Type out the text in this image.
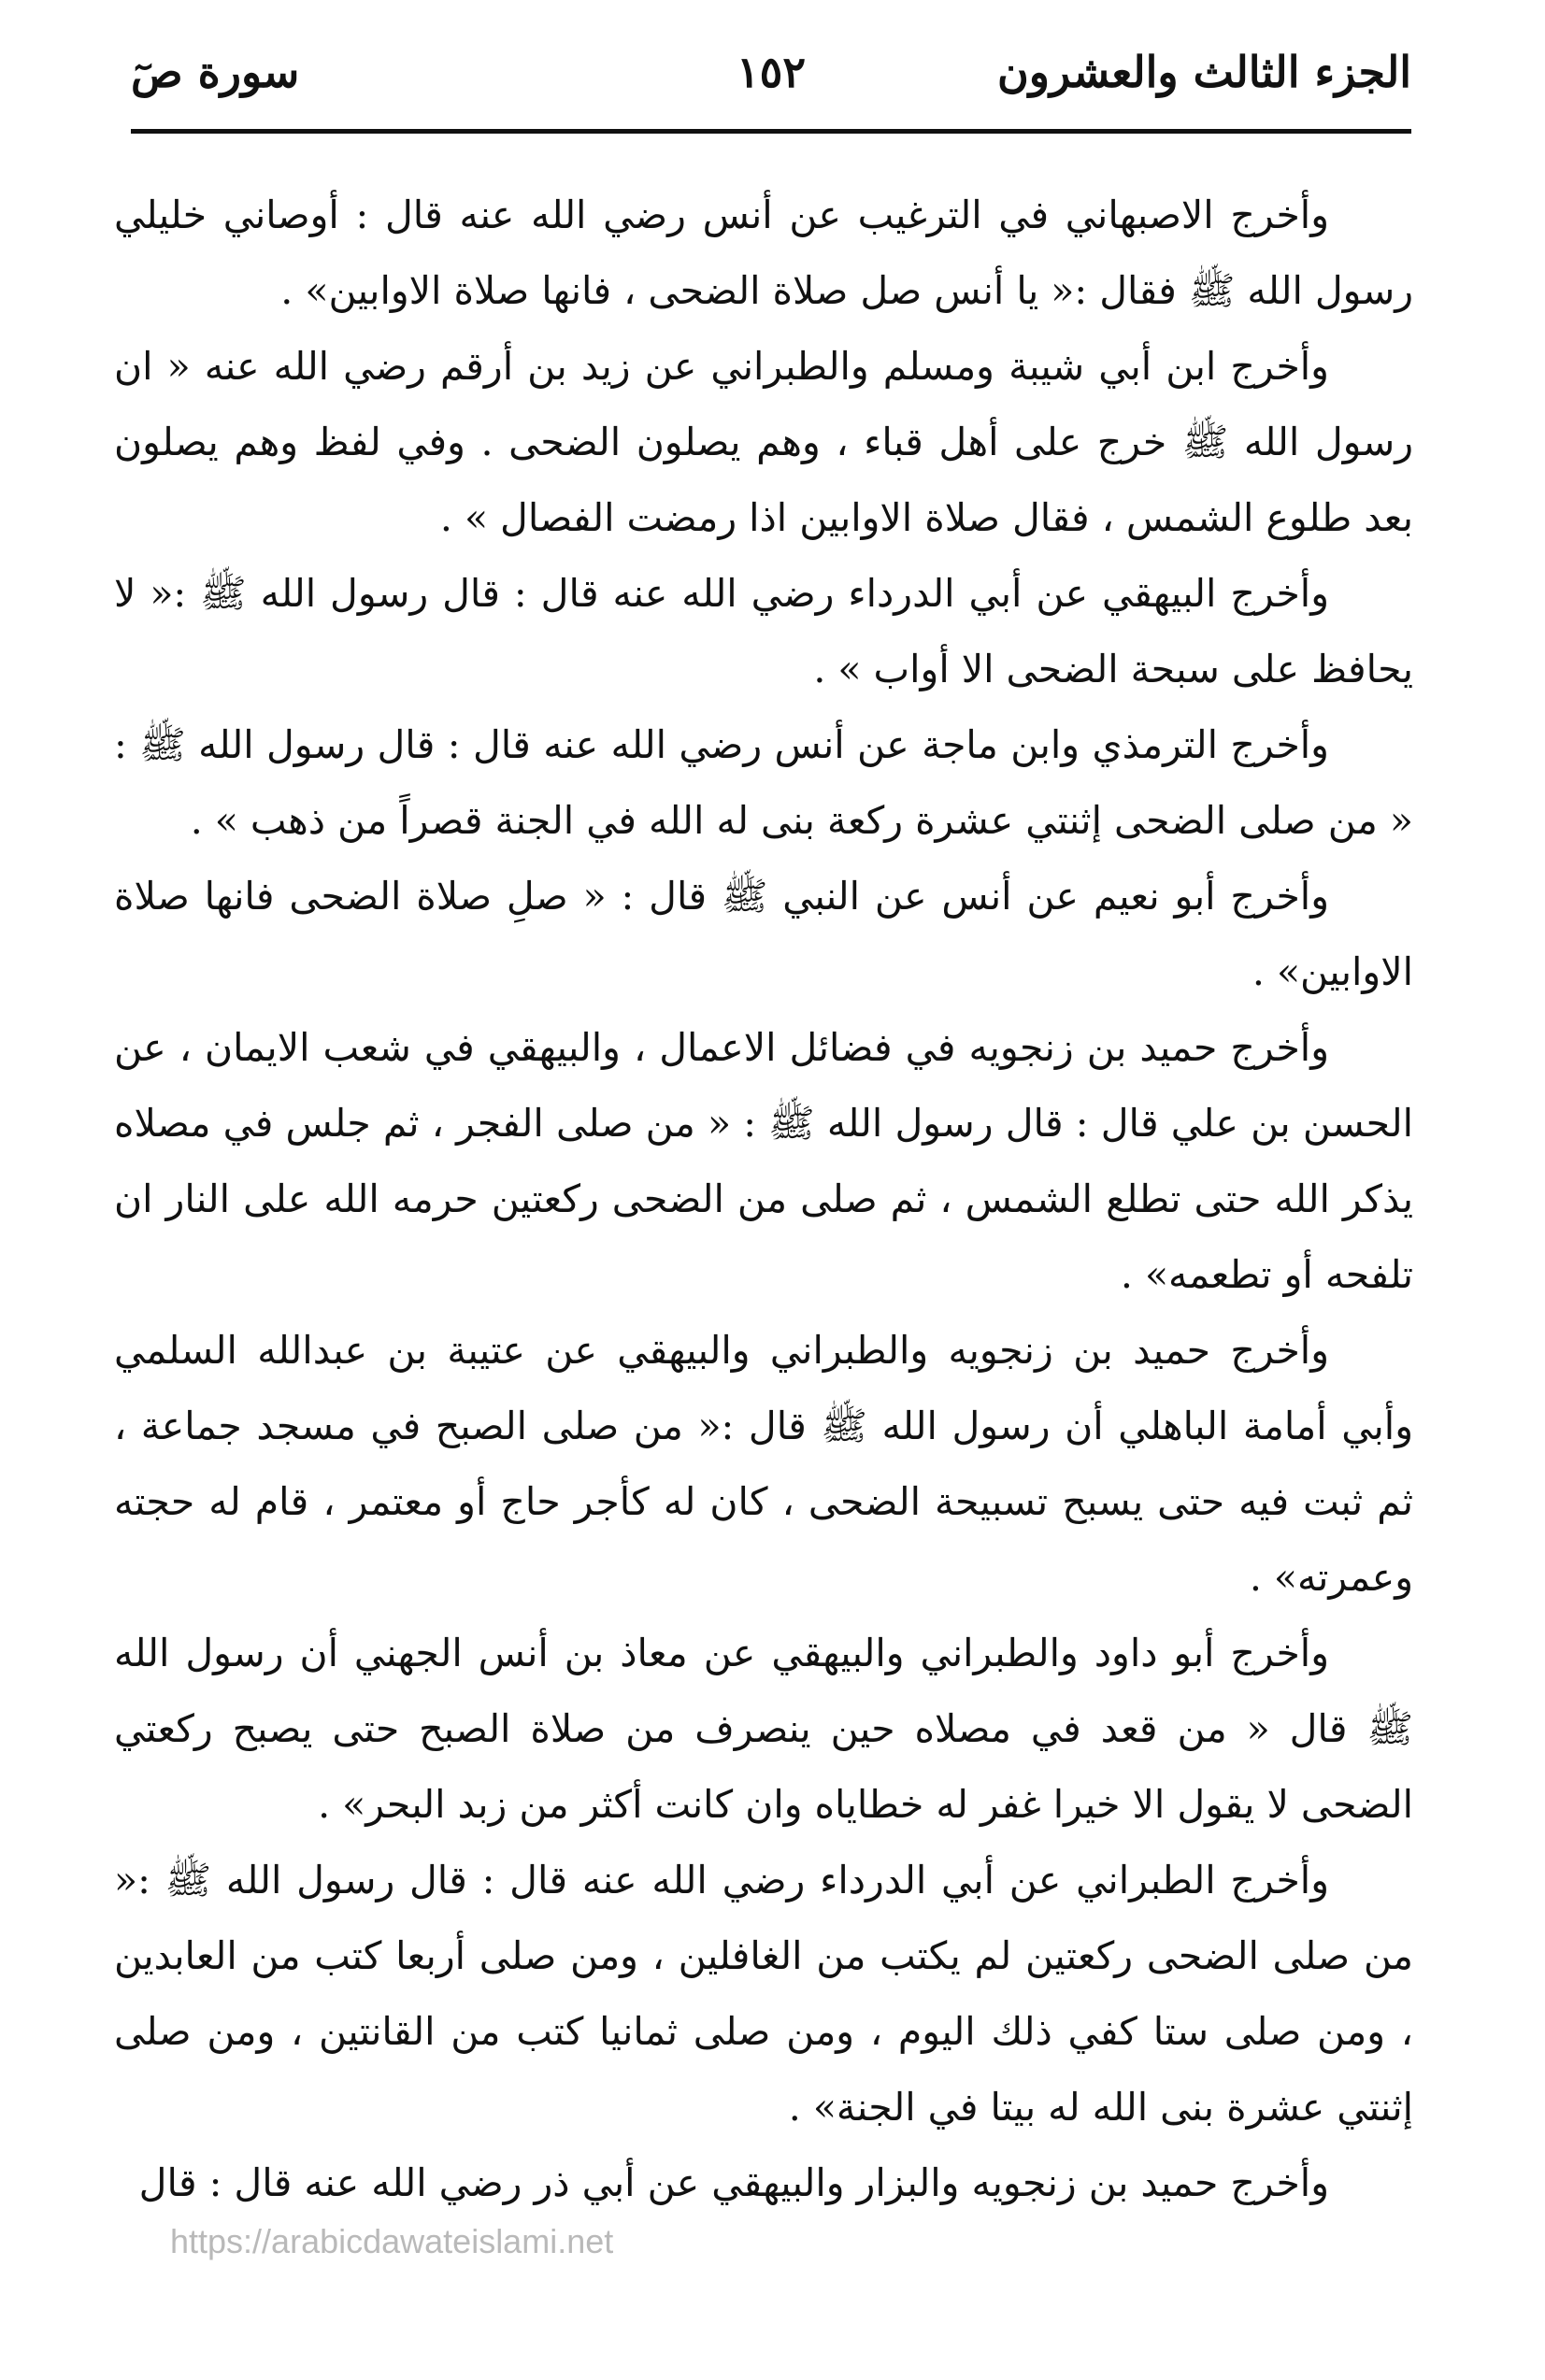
الجزء الثالث والعشرون
١٥٢
سورة صٓ

وأخرج الاصبهاني في الترغيب عن أنس رضي الله عنه قال : أوصاني خليلي رسول الله ﷺ فقال :« يا أنس صل صلاة الضحى ، فانها صلاة الاوابين» .

وأخرج ابن أبي شيبة ومسلم والطبراني عن زيد بن أرقم رضي الله عنه « ان رسول الله ﷺ خرج على أهل قباء ، وهم يصلون الضحى . وفي لفظ وهم يصلون بعد طلوع الشمس ، فقال صلاة الاوابين اذا رمضت الفصال » .

وأخرج البيهقي عن أبي الدرداء رضي الله عنه قال : قال رسول الله ﷺ :« لا يحافظ على سبحة الضحى الا أواب » .

وأخرج الترمذي وابن ماجة عن أنس رضي الله عنه قال : قال رسول الله ﷺ : « من صلى الضحى إثنتي عشرة ركعة بنى له الله في الجنة قصراً من ذهب » .

وأخرج أبو نعيم عن أنس عن النبي ﷺ قال : « صلِ صلاة الضحى فانها صلاة الاوابين» .

وأخرج حميد بن زنجويه في فضائل الاعمال ، والبيهقي في شعب الايمان ، عن الحسن بن علي قال : قال رسول الله ﷺ : « من صلى الفجر ، ثم جلس في مصلاه يذكر الله حتى تطلع الشمس ، ثم صلى من الضحى ركعتين حرمه الله على النار ان تلفحه أو تطعمه» .

وأخرج حميد بن زنجويه والطبراني والبيهقي عن عتيبة بن عبدالله السلمي وأبي أمامة الباهلي أن رسول الله ﷺ قال :« من صلى الصبح في مسجد جماعة ، ثم ثبت فيه حتى يسبح تسبيحة الضحى ، كان له كأجر حاج أو معتمر ، قام له حجته وعمرته» .

وأخرج أبو داود والطبراني والبيهقي عن معاذ بن أنس الجهني أن رسول الله ﷺ قال « من قعد في مصلاه حين ينصرف من صلاة الصبح حتى يصبح ركعتي الضحى لا يقول الا خيرا غفر له خطاياه وان كانت أكثر من زبد البحر» .

وأخرج الطبراني عن أبي الدرداء رضي الله عنه قال : قال رسول الله ﷺ :« من صلى الضحى ركعتين لم يكتب من الغافلين ، ومن صلى أربعا كتب من العابدين ، ومن صلى ستا كفي ذلك اليوم ، ومن صلى ثمانيا كتب من القانتين ، ومن صلى إثنتي عشرة بنى الله له بيتا في الجنة» .

وأخرج حميد بن زنجويه والبزار والبيهقي عن أبي ذر رضي الله عنه قال : قال

https://arabicdawateislami.net
